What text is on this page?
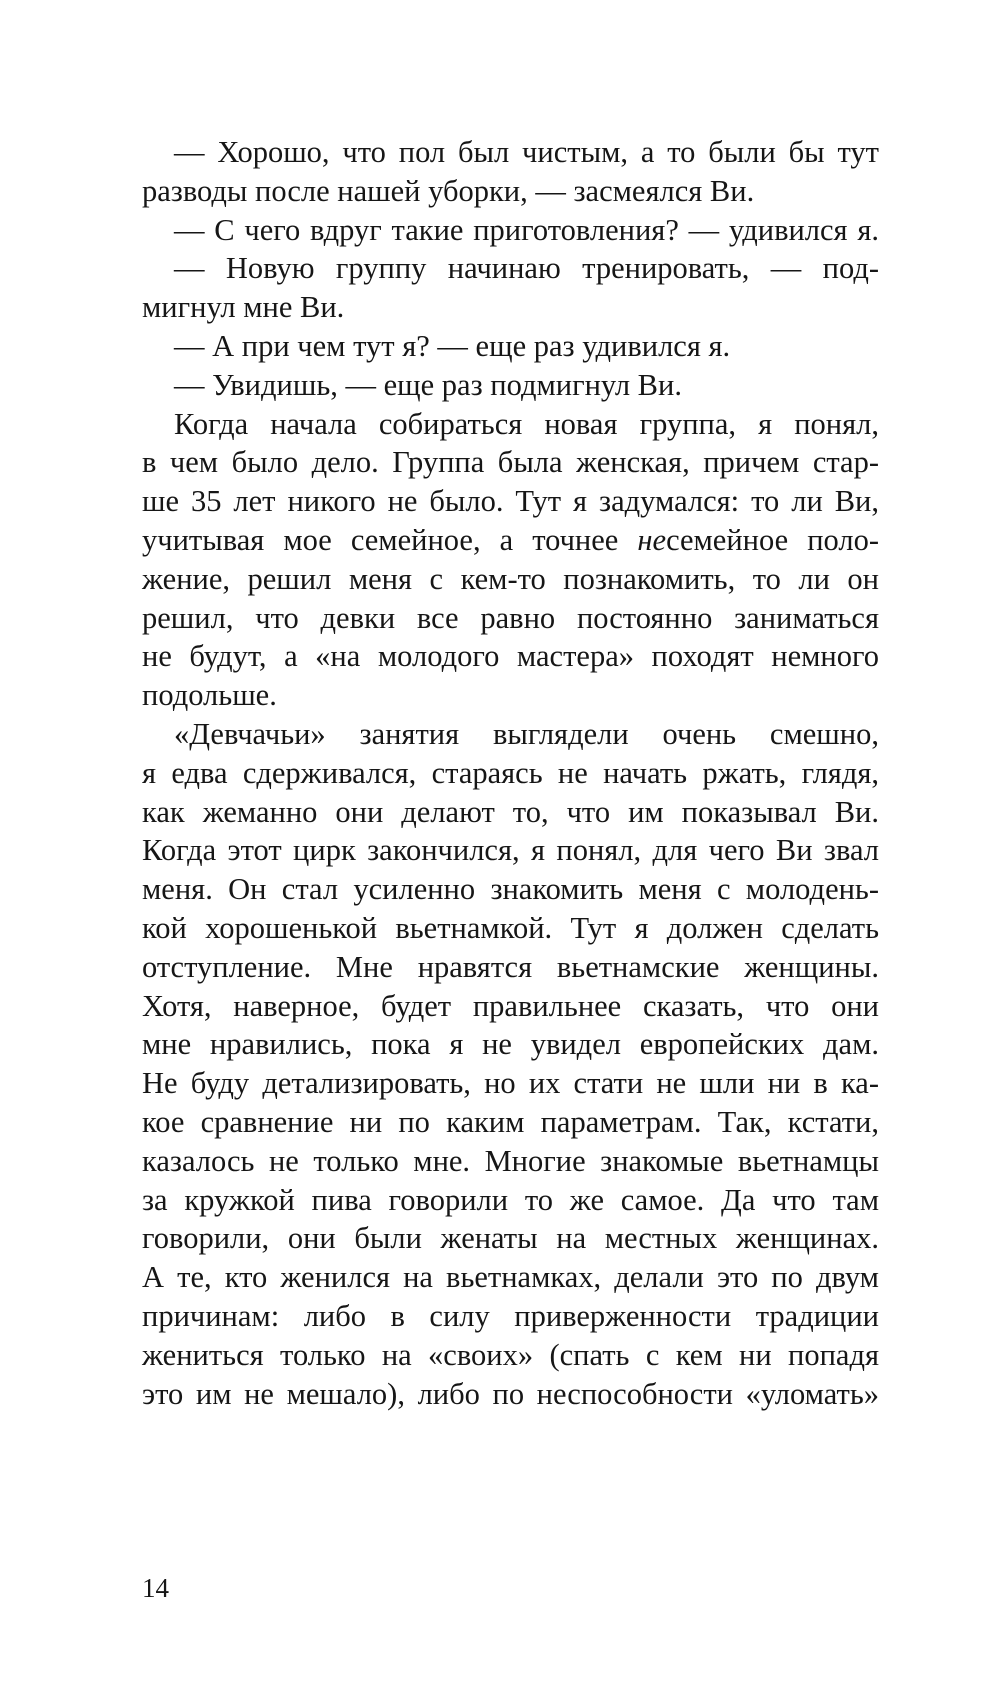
— Хорошо, что пол был чистым, а то были бы тут
разводы после нашей уборки, — засмеялся Ви.
— С чего вдруг такие приготовления? — удивился я.
— Новую группу начинаю тренировать, — под-
мигнул мне Ви.
— А при чем тут я? — еще раз удивился я.
— Увидишь, — еще раз подмигнул Ви.
Когда начала собираться новая группа, я понял,
в чем было дело. Группа была женская, причем стар-
ше 35 лет никого не было. Тут я задумался: то ли Ви,
учитывая мое семейное, а точнее несемейное поло-
жение, решил меня с кем-то познакомить, то ли он
решил, что девки все равно постоянно заниматься
не будут, а «на молодого мастера» походят немного
подольше.
«Девчачьи» занятия выглядели очень смешно,
я едва сдерживался, стараясь не начать ржать, глядя,
как жеманно они делают то, что им показывал Ви.
Когда этот цирк закончился, я понял, для чего Ви звал
меня. Он стал усиленно знакомить меня с молодень-
кой хорошенькой вьетнамкой. Тут я должен сделать
отступление. Мне нравятся вьетнамские женщины.
Хотя, наверное, будет правильнее сказать, что они
мне нравились, пока я не увидел европейских дам.
Не буду детализировать, но их стати не шли ни в ка-
кое сравнение ни по каким параметрам. Так, кстати,
казалось не только мне. Многие знакомые вьетнамцы
за кружкой пива говорили то же самое. Да что там
говорили, они были женаты на местных женщинах.
А те, кто женился на вьетнамках, делали это по двум
причинам: либо в силу приверженности традиции
жениться только на «своих» (спать с кем ни попадя
это им не мешало), либо по неспособности «уломать»
14
